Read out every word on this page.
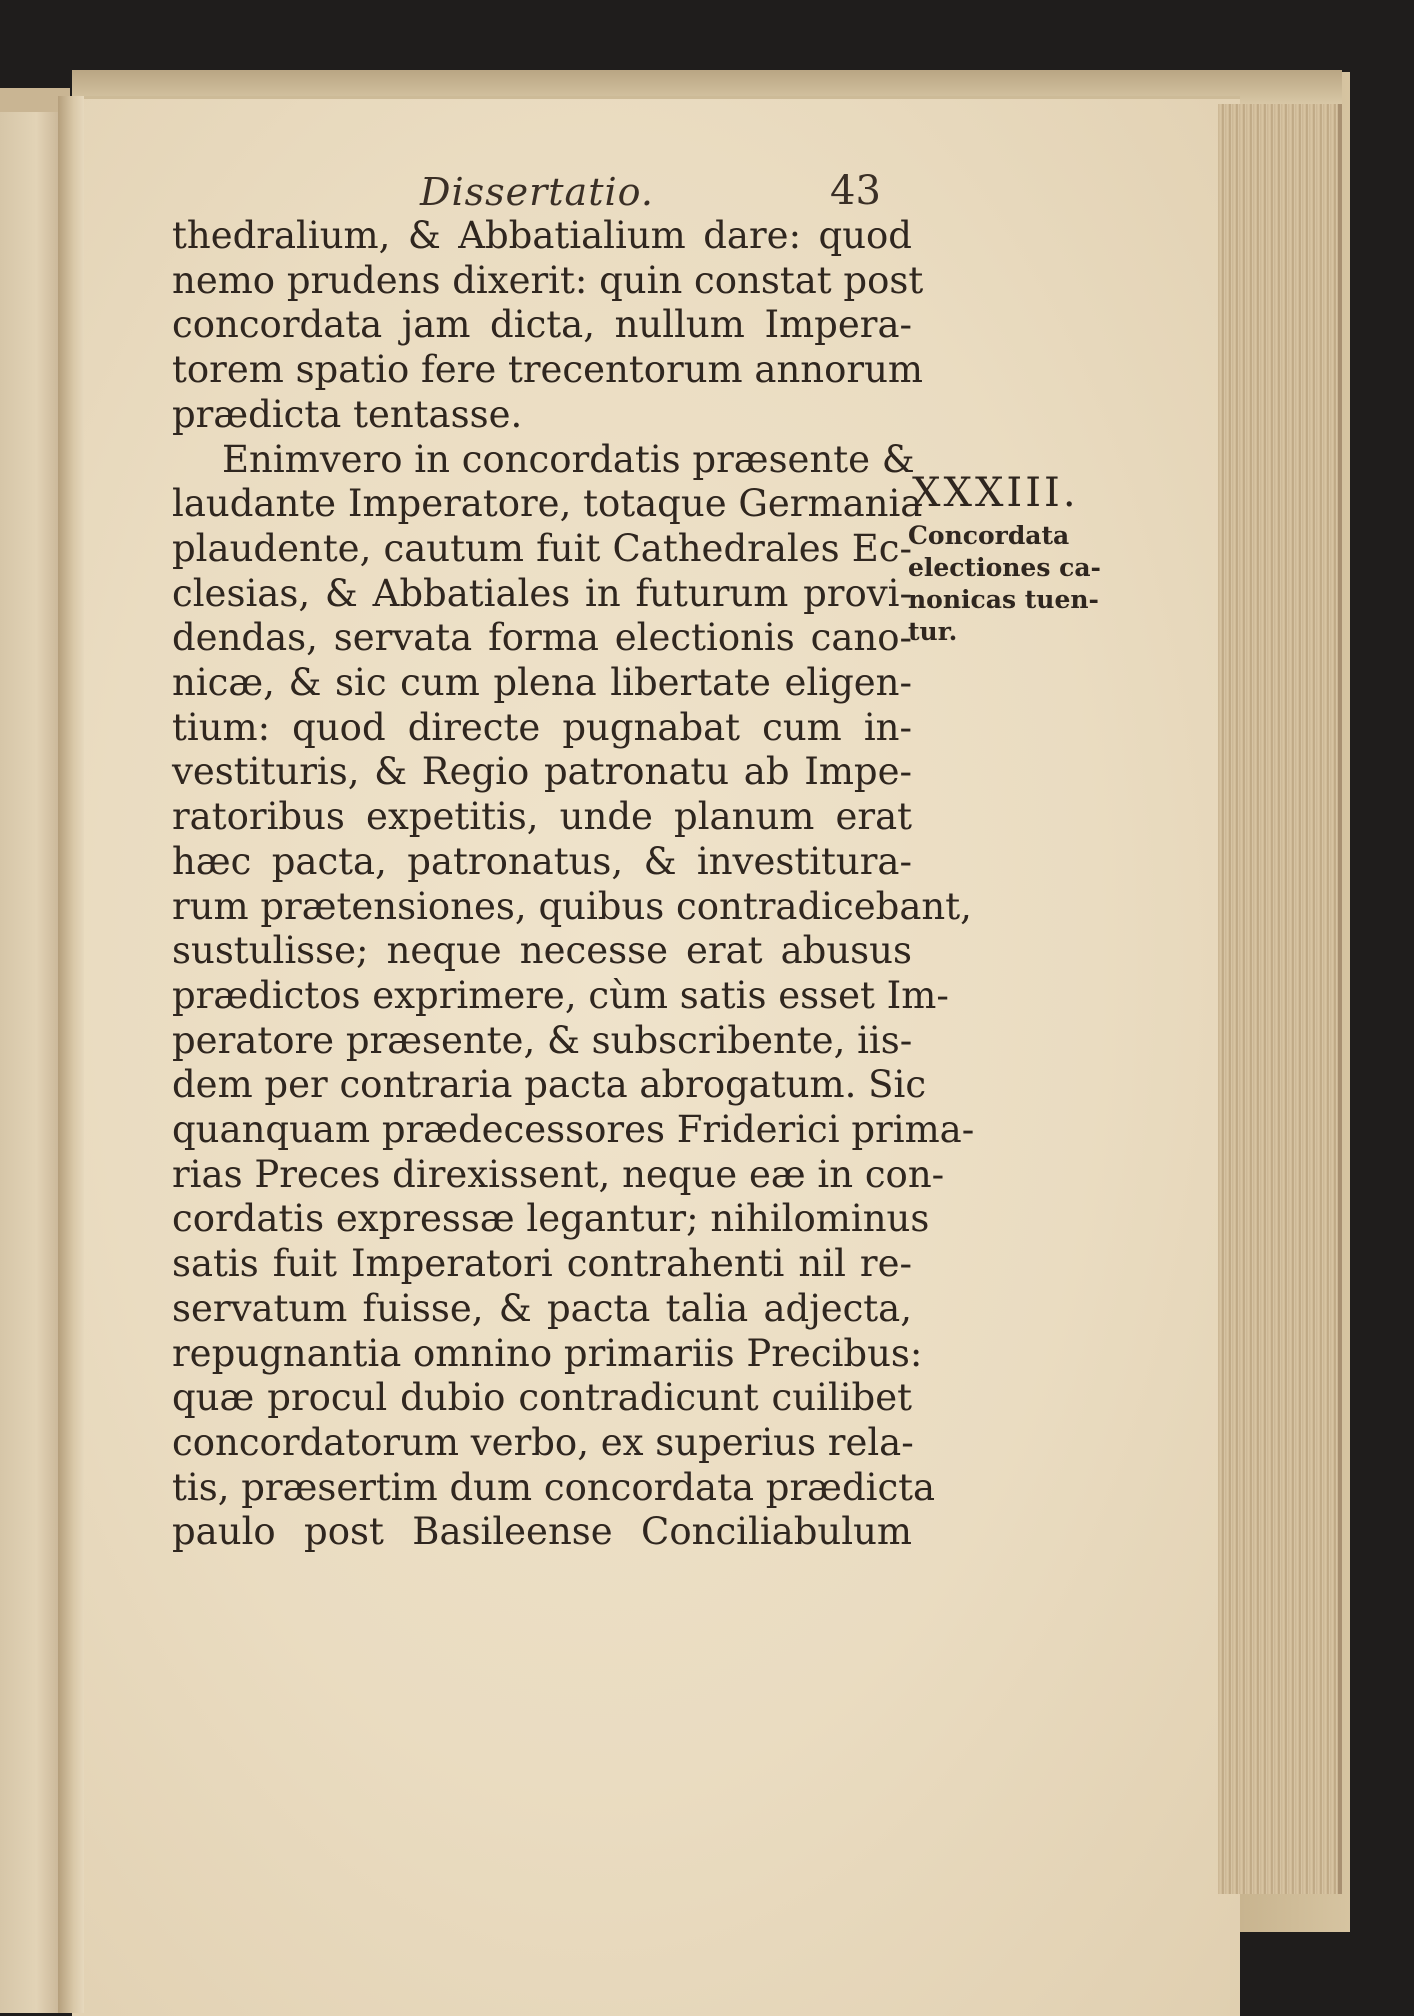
Dissertatio.	43
thedralium, & Abbatialium dare: quod
nemo prudens dixerit: quin constat post
concordata jam dicta, nullum Impera-
torem spatio fere trecentorum annorum
prædicta tentasse.
Enimvero in concordatis præsente &
laudante Imperatore, totaque Germania
plaudente, cautum fuit Cathedrales Ec-
clesias, & Abbatiales in futurum provi-
dendas, servata forma electionis cano-
nicæ, & sic cum plena libertate eligen-
tium: quod directe pugnabat cum in-
vestituris, & Regio patronatu ab Impe-
ratoribus expetitis, unde planum erat
hæc pacta, patronatus, & investitura-
rum prætensiones, quibus contradicebant,
sustulisse; neque necesse erat abusus
prædictos exprimere, cùm satis esset Im-
peratore præsente, & subscribente, iis-
dem per contraria pacta abrogatum. Sic
quanquam prædecessores Friderici prima-
rias Preces direxissent, neque eæ in con-
cordatis expressæ legantur; nihilominus
satis fuit Imperatori contrahenti nil re-
servatum fuisse, & pacta talia adjecta,
repugnantia omnino primariis Precibus:
quæ procul dubio contradicunt cuilibet
concordatorum verbo, ex superius rela-
tis, præsertim dum concordata prædicta
paulo post Basileense Conciliabulum
XXXIII.
Concordata
electiones ca-
nonicas tuen-
tur.
